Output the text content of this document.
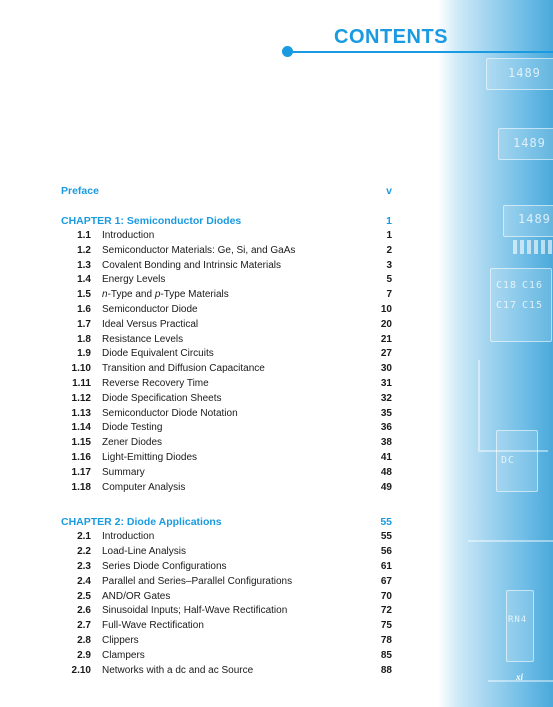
1489
1489
1489
C18
C17
C16
C15
DC
RN4
CONTENTS
Preface	v
CHAPTER 1: Semiconductor Diodes	1
1.1	Introduction	1
1.2	Semiconductor Materials: Ge, Si, and GaAs	2
1.3	Covalent Bonding and Intrinsic Materials	3
1.4	Energy Levels	5
1.5	n-Type and p-Type Materials	7
1.6	Semiconductor Diode	10
1.7	Ideal Versus Practical	20
1.8	Resistance Levels	21
1.9	Diode Equivalent Circuits	27
1.10	Transition and Diffusion Capacitance	30
1.11	Reverse Recovery Time	31
1.12	Diode Specification Sheets	32
1.13	Semiconductor Diode Notation	35
1.14	Diode Testing	36
1.15	Zener Diodes	38
1.16	Light-Emitting Diodes	41
1.17	Summary	48
1.18	Computer Analysis	49
CHAPTER 2: Diode Applications	55
2.1	Introduction	55
2.2	Load-Line Analysis	56
2.3	Series Diode Configurations	61
2.4	Parallel and Series–Parallel Configurations	67
2.5	AND/OR Gates	70
2.6	Sinusoidal Inputs; Half-Wave Rectification	72
2.7	Full-Wave Rectification	75
2.8	Clippers	78
2.9	Clampers	85
2.10	Networks with a dc and ac Source	88
xi
